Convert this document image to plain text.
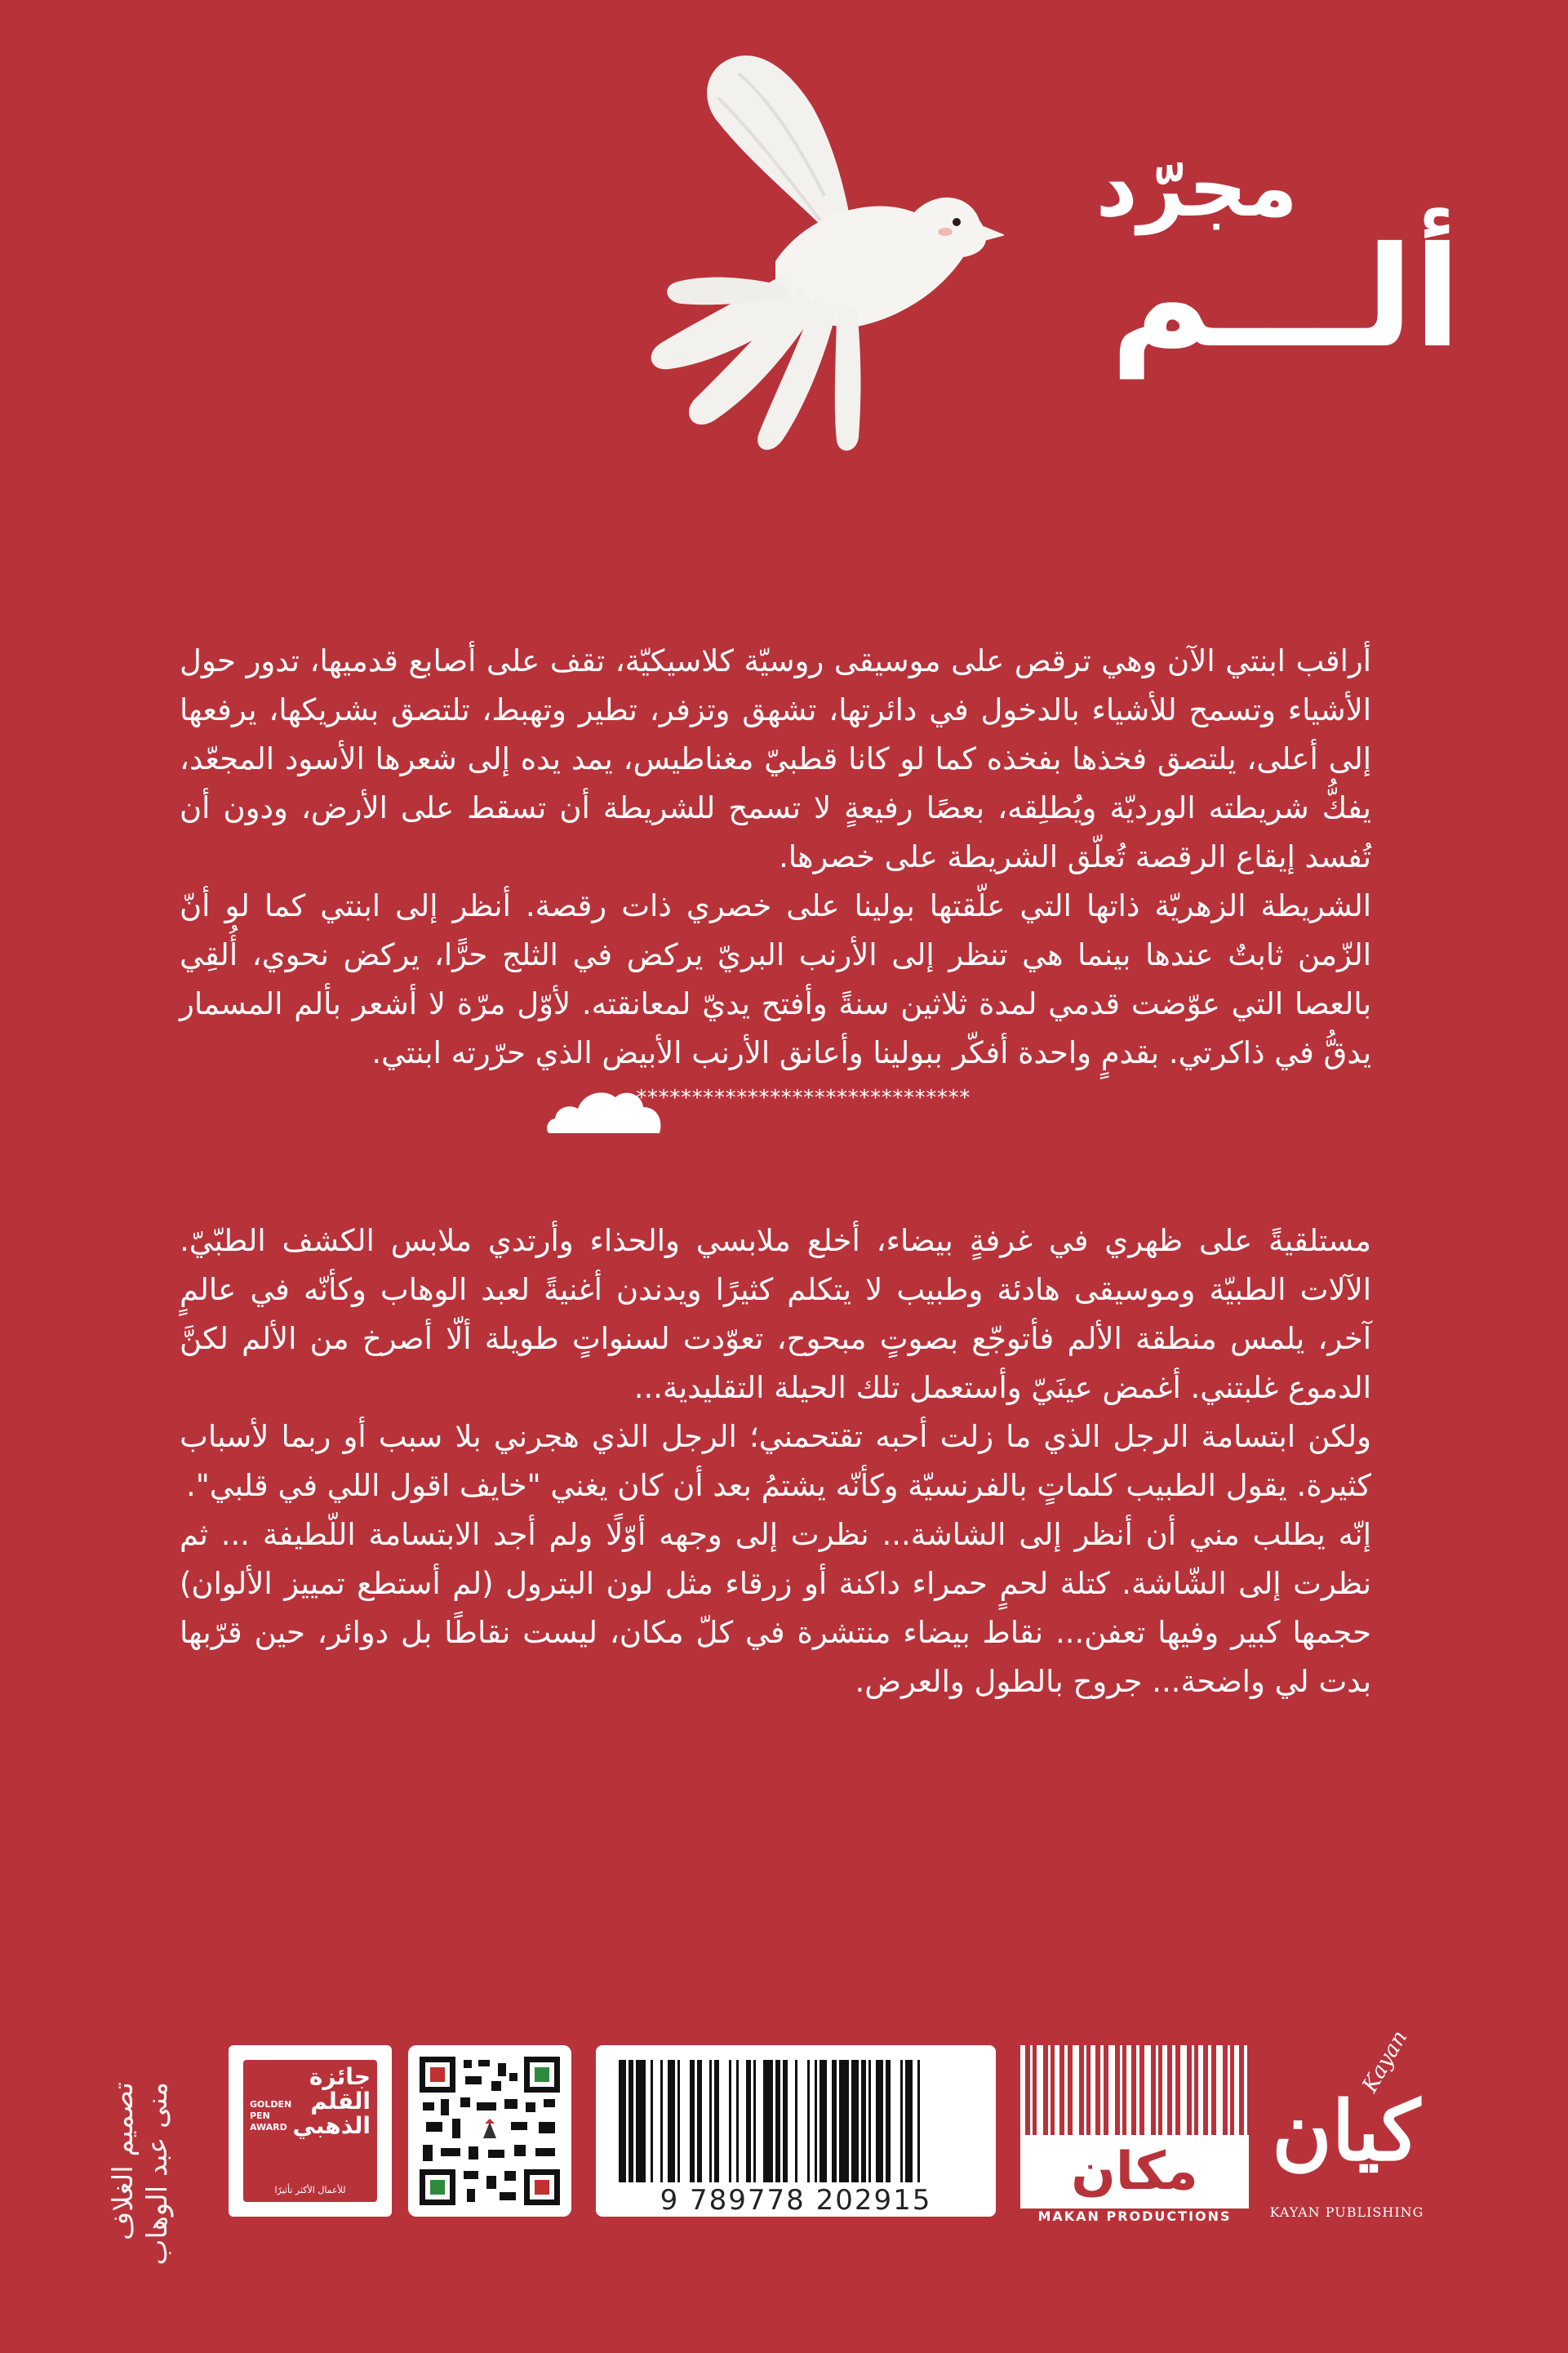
مجرّد
ألـــم

أراقب ابنتي الآن وهي ترقص على موسيقى روسيّة كلاسيكيّة، تقف على أصابع قدميها، تدور حول الأشياء وتسمح للأشياء بالدخول في دائرتها، تشهق وتزفر، تطير وتهبط، تلتصق بشريكها، يرفعها إلى أعلى، يلتصق فخذها بفخذه كما لو كانا قطبيّ مغناطيس، يمد يده إلى شعرها الأسود المجعّد، يفكُّ شريطته الورديّة ويُطلِقه، بعصًا رفيعةٍ لا تسمح للشريطة أن تسقط على الأرض، ودون أن تُفسد إيقاع الرقصة تُعلّق الشريطة على خصرها.

الشريطة الزهريّة ذاتها التي علّقتها بولينا على خصري ذات رقصة. أنظر إلى ابنتي كما لو أنّ الزّمن ثابتٌ عندها بينما هي تنظر إلى الأرنب البريّ يركض في الثلج حرًّا، يركض نحوي، أُلقِي بالعصا التي عوّضت قدمي لمدة ثلاثين سنةً وأفتح يديّ لمعانقته. لأوّل مرّة لا أشعر بألم المسمار يدقُّ في ذاكرتي. بقدمٍ واحدة أفكّر ببولينا وأعانق الأرنب الأبيض الذي حرّرته ابنتي.

******************************

مستلقيةً على ظهري في غرفةٍ بيضاء، أخلع ملابسي والحذاء وأرتدي ملابس الكشف الطبّيّ. الآلات الطبيّة وموسيقى هادئة وطبيب لا يتكلم كثيرًا ويدندن أغنيةً لعبد الوهاب وكأنّه في عالمٍ آخر، يلمس منطقة الألم فأتوجّع بصوتٍ مبحوح، تعوّدت لسنواتٍ طويلة ألّا أصرخ من الألم لكنَّ الدموع غلبتني. أغمض عينَيّ وأستعمل تلك الحيلة التقليدية...

ولكن ابتسامة الرجل الذي ما زلت أحبه تقتحمني؛ الرجل الذي هجرني بلا سبب أو ربما لأسباب كثيرة. يقول الطبيب كلماتٍ بالفرنسيّة وكأنّه يشتمُ بعد أن كان يغني "خايف اقول اللي في قلبي".

إنّه يطلب مني أن أنظر إلى الشاشة... نظرت إلى وجهه أوّلًا ولم أجد الابتسامة اللّطيفة ... ثم نظرت إلى الشّاشة. كتلة لحمٍ حمراء داكنة أو زرقاء مثل لون البترول (لم أستطع تمييز الألوان) حجمها كبير وفيها تعفن... نقاط بيضاء منتشرة في كلّ مكان، ليست نقاطًا بل دوائر، حين قرّبها بدت لي واضحة... جروح بالطول والعرض.

تصميم الغلاف
منى عبد الوهاب
جائزة القلم الذهبي
GOLDEN PEN AWARD
للأعمال الأكثر تأثيرًا	9 789778 202915	مكان
MAKAN PRODUCTIONS
Kayan
كيان
KAYAN PUBLISHING
